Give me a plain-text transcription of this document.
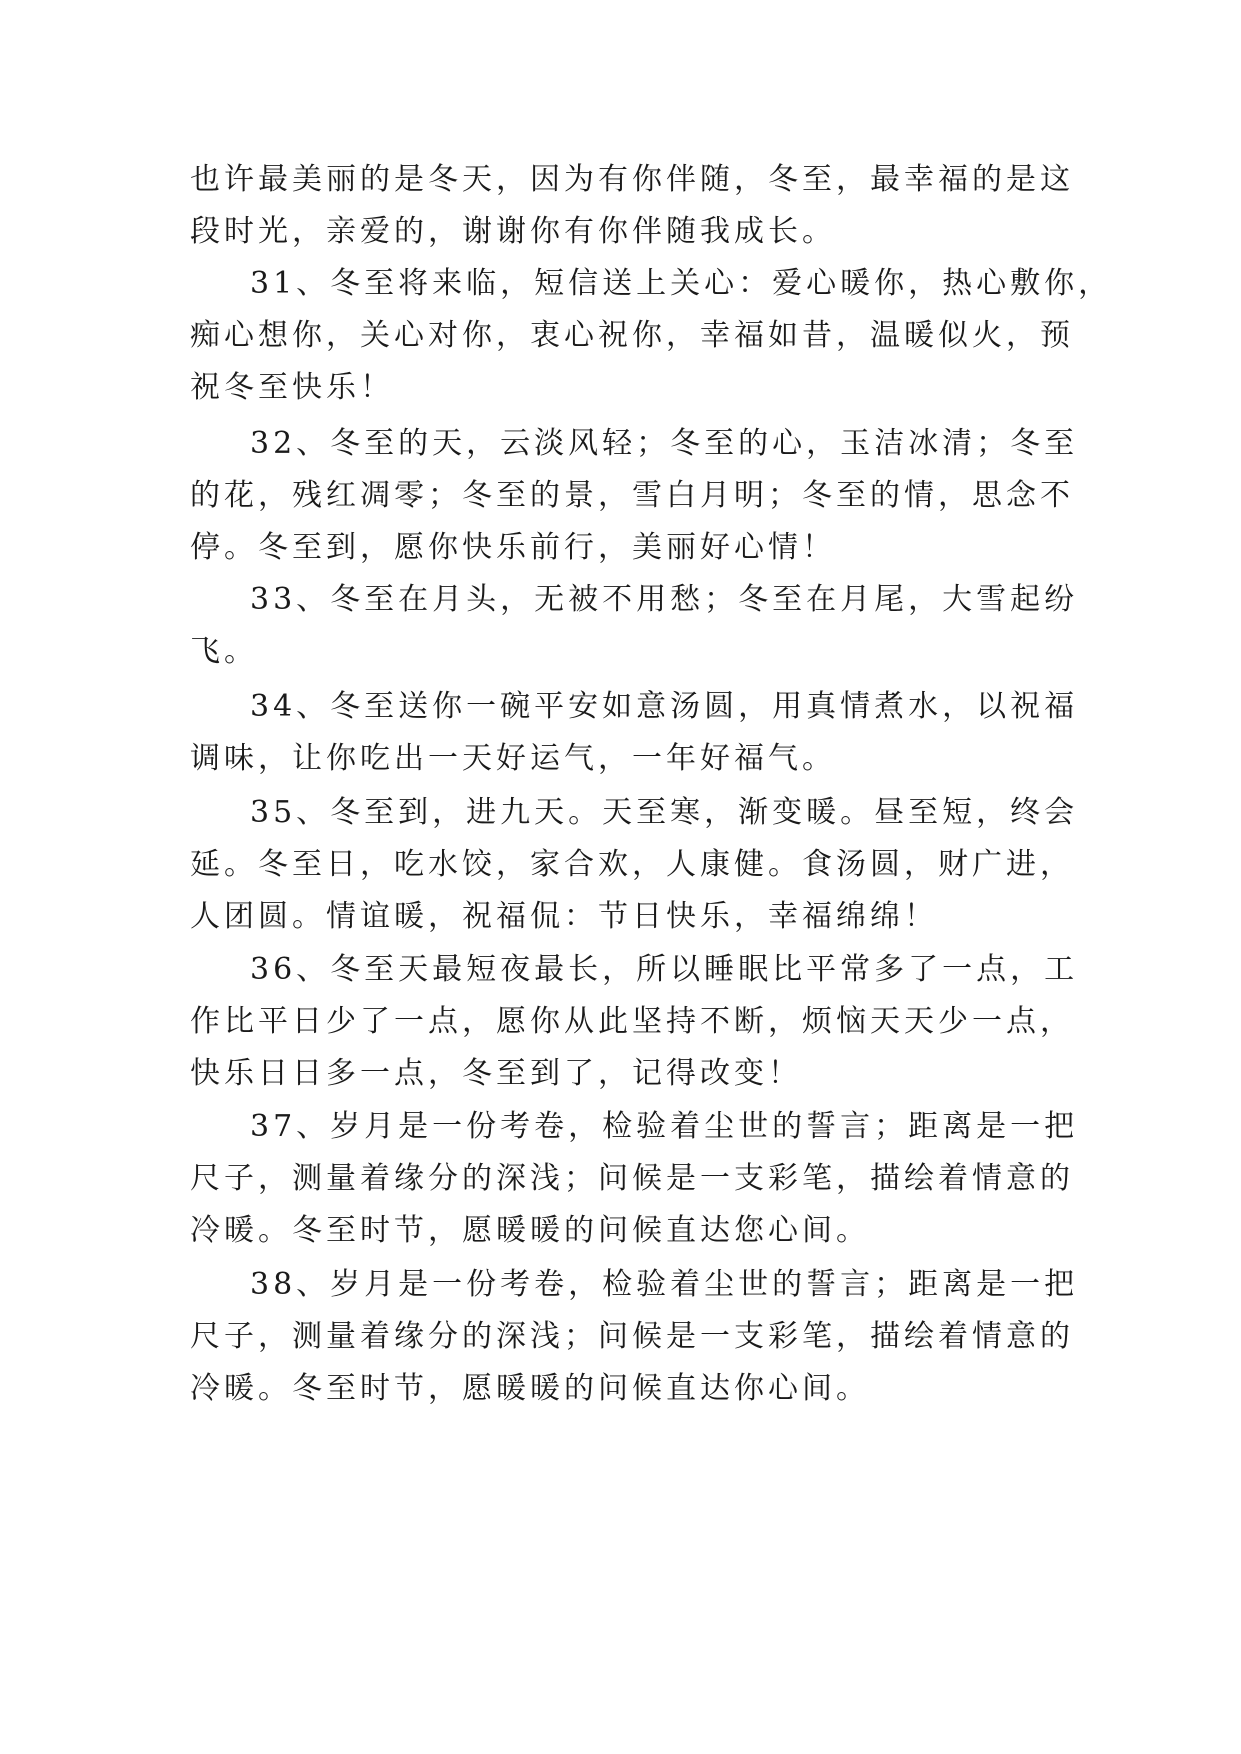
也许最美丽的是冬天，因为有你伴随，冬至，最幸福的是这
段时光，亲爱的，谢谢你有你伴随我成长。
31、冬至将来临，短信送上关心：爱心暖你，热心敷你，
痴心想你，关心对你，衷心祝你，幸福如昔，温暖似火，预
祝冬至快乐！
32、冬至的天，云淡风轻；冬至的心，玉洁冰清；冬至
的花，残红凋零；冬至的景，雪白月明；冬至的情，思念不
停。冬至到，愿你快乐前行，美丽好心情！
33、冬至在月头，无被不用愁；冬至在月尾，大雪起纷
飞。
34、冬至送你一碗平安如意汤圆，用真情煮水，以祝福
调味，让你吃出一天好运气，一年好福气。
35、冬至到，进九天。天至寒，渐变暖。昼至短，终会
延。冬至日，吃水饺，家合欢，人康健。食汤圆，财广进，
人团圆。情谊暖，祝福侃：节日快乐，幸福绵绵！
36、冬至天最短夜最长，所以睡眠比平常多了一点，工
作比平日少了一点，愿你从此坚持不断，烦恼天天少一点，
快乐日日多一点，冬至到了，记得改变！
37、岁月是一份考卷，检验着尘世的誓言；距离是一把
尺子，测量着缘分的深浅；问候是一支彩笔，描绘着情意的
冷暖。冬至时节，愿暖暖的问候直达您心间。
38、岁月是一份考卷，检验着尘世的誓言；距离是一把
尺子，测量着缘分的深浅；问候是一支彩笔，描绘着情意的
冷暖。冬至时节，愿暖暖的问候直达你心间。
